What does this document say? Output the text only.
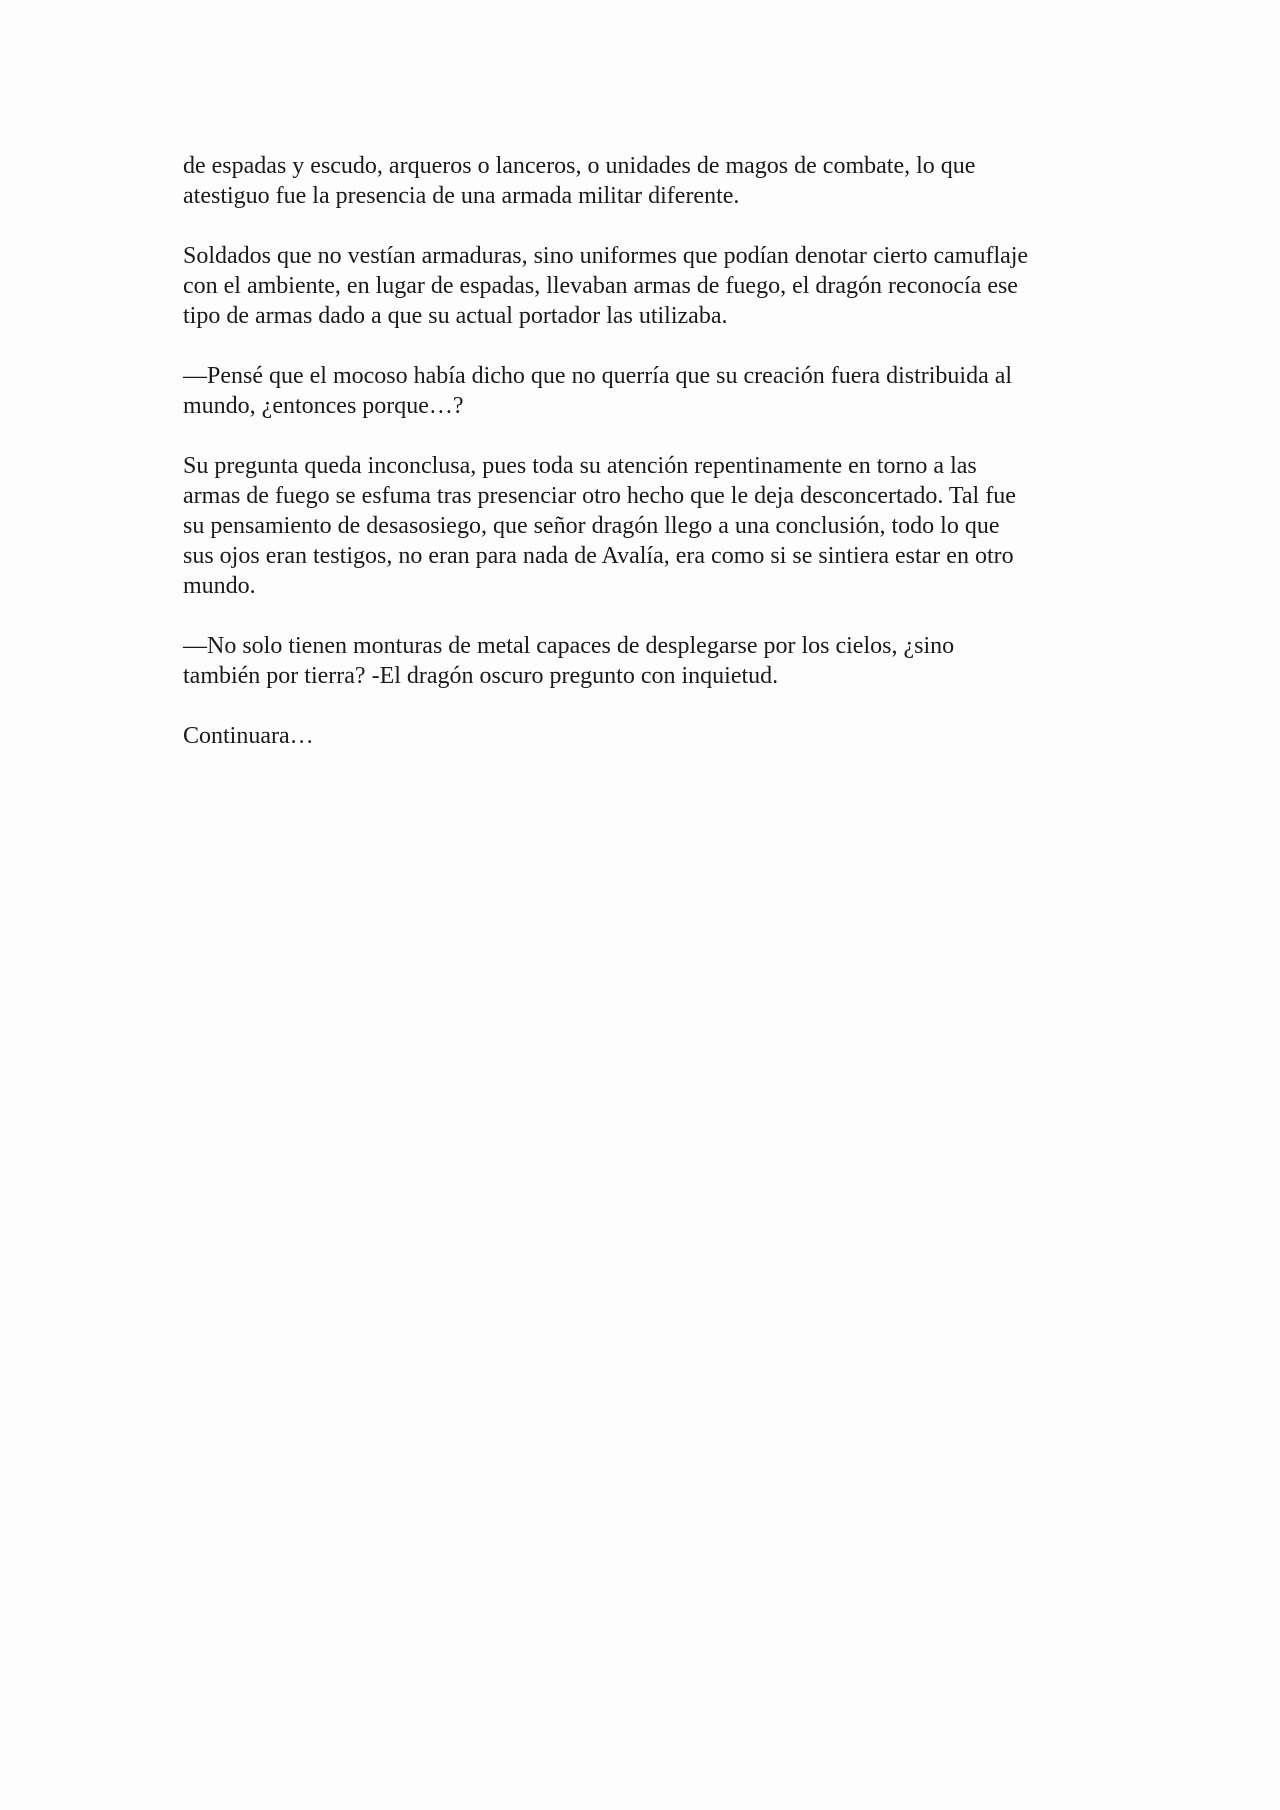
de espadas y escudo, arqueros o lanceros, o unidades de magos de combate, lo que
atestiguo fue la presencia de una armada militar diferente.

Soldados que no vestían armaduras, sino uniformes que podían denotar cierto camuflaje
con el ambiente, en lugar de espadas, llevaban armas de fuego, el dragón reconocía ese
tipo de armas dado a que su actual portador las utilizaba.

—Pensé que el mocoso había dicho que no querría que su creación fuera distribuida al
mundo, ¿entonces porque…?

Su pregunta queda inconclusa, pues toda su atención repentinamente en torno a las
armas de fuego se esfuma tras presenciar otro hecho que le deja desconcertado. Tal fue
su pensamiento de desasosiego, que señor dragón llego a una conclusión, todo lo que
sus ojos eran testigos, no eran para nada de Avalía, era como si se sintiera estar en otro
mundo.

—No solo tienen monturas de metal capaces de desplegarse por los cielos, ¿sino
también por tierra? -El dragón oscuro pregunto con inquietud.

Continuara…
